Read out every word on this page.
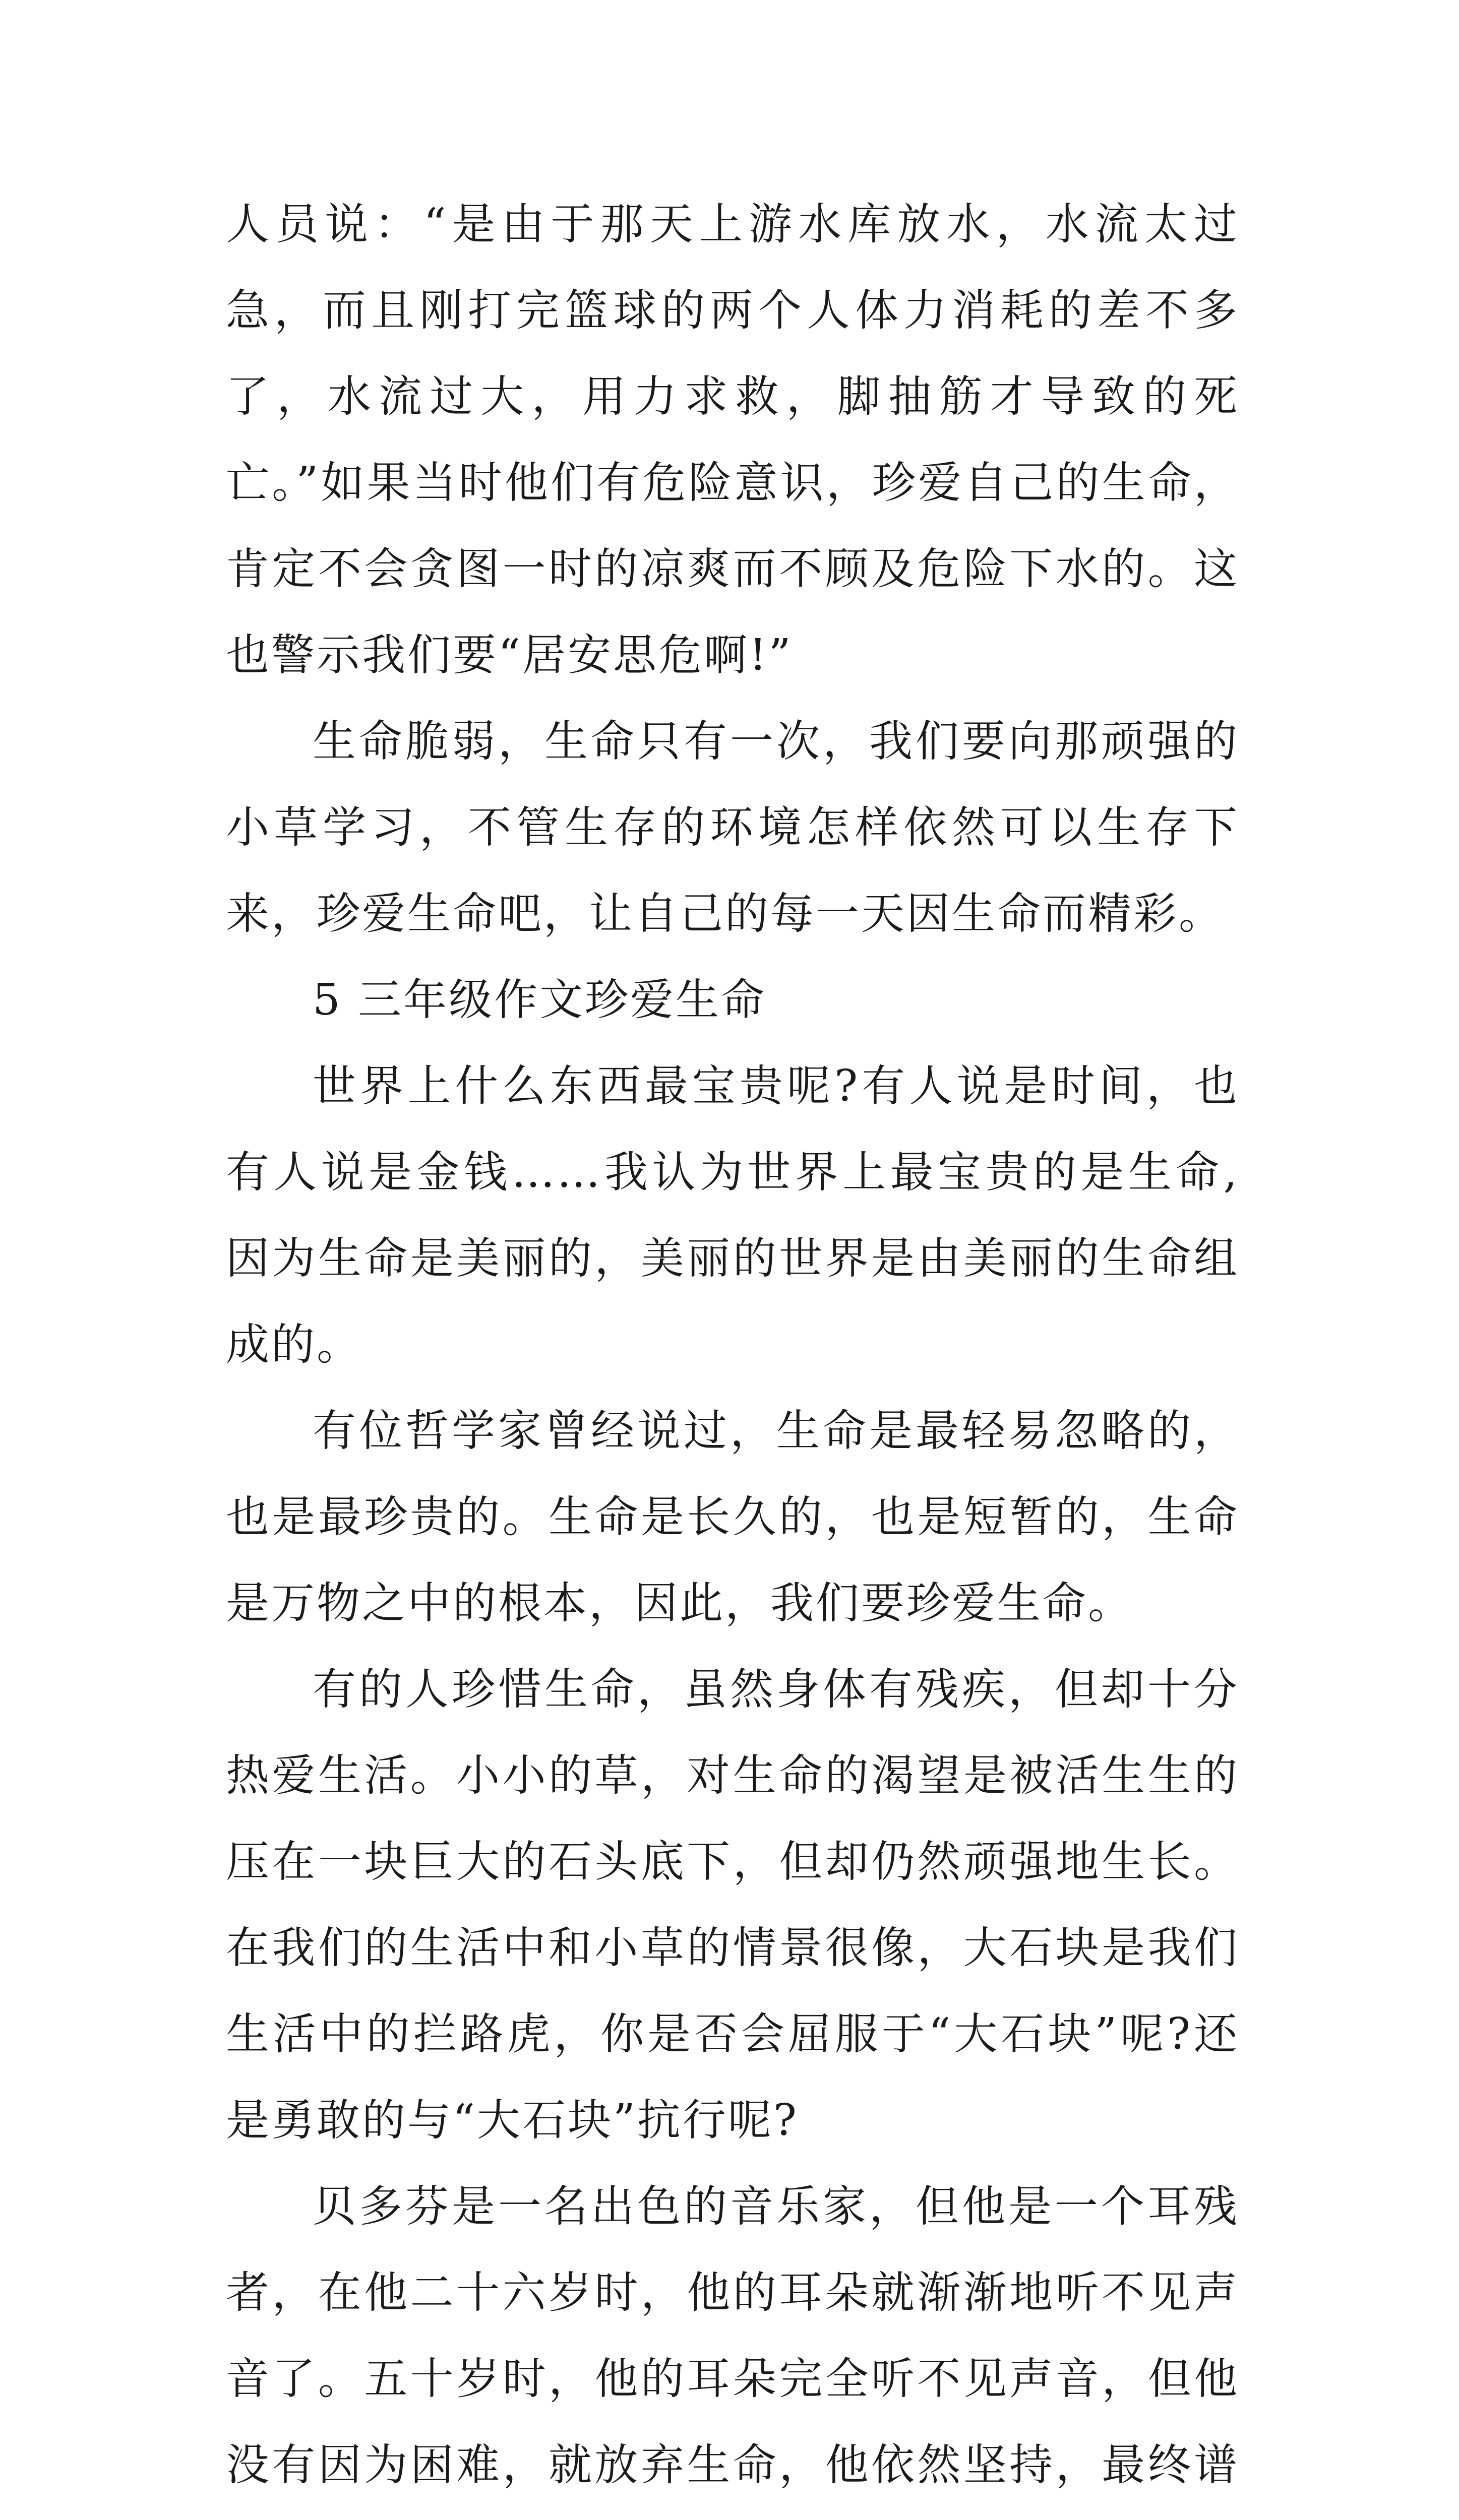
人员说：“是由于那天上游水库放水，水流太过急，而且刚打完篮球的两个人体力消耗的差不多了，水流过大，用力求救，脚抽筋才导致的死亡。”如果当时他们有危险意识，珍爱自己的生命，肯定不会贪图一时的凉爽而不顾及危险下水的。这也警示我们要“居安思危啊!”

生命脆弱，生命只有一次，我们要向那顽强的小草学习，不管生存的环境怎样依然可以生存下来，珍爱生命吧，让自己的每一天因生命而精彩。

5 三年级作文珍爱生命

世界上什么东西最宝贵呢?有人说是时间，也有人说是金钱……我认为世界上最宝贵的是生命,因为生命是美丽的，美丽的世界是由美丽的生命组成的。

有位哲学家曾经说过，生命是最轻易忽略的，也是最珍贵的。生命是长久的，也是短暂的，生命是万物之中的根本，因此，我们要珍爱生命。

有的人珍惜生命，虽然身体有残疾，但却十分热爱生活。小小的草，对生命的渴望是被活生生的压在一块巨大的石头底下，但却仍然顽强地生长。在我们的生活中和小草的情景很像，大石块是我们生活中的拦路虎，你是否会屈服于“大石块”呢?还是勇敢的与“大石块”抗行呢?

贝多芬是一名出色的音乐家，但他是一个耳残者，在他二十六岁时，他的耳朵就渐渐地听不见声音了。五十岁时，他的耳朵完全听不见声音，但他没有因为困难，就放弃生命，他依然坚持，最终谱
